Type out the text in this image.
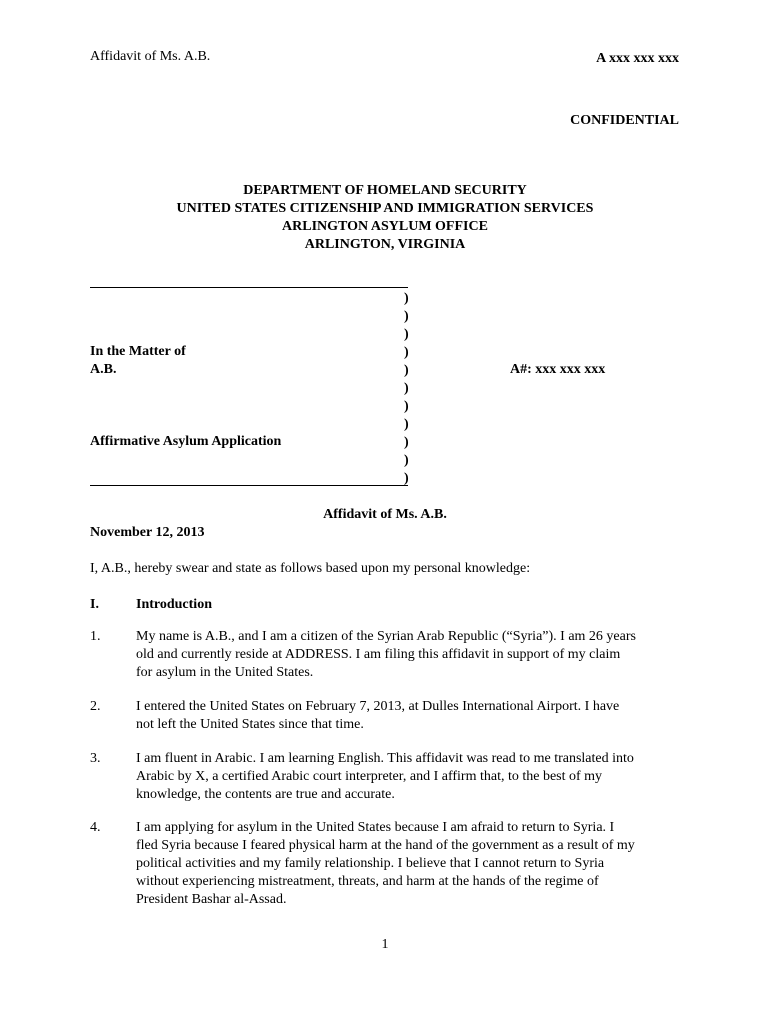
Affidavit of Ms. A.B.	A xxx xxx xxx
CONFIDENTIAL
DEPARTMENT OF HOMELAND SECURITY
UNITED STATES CITIZENSHIP AND IMMIGRATION SERVICES
ARLINGTON ASYLUM OFFICE
ARLINGTON, VIRGINIA
)
)
)
)
)
)
)
)
)
)
)
In the Matter of
A.B.
Affirmative Asylum Application
A#: xxx xxx xxx
Affidavit of Ms. A.B.
November 12, 2013
I, A.B., hereby swear and state as follows based upon my personal knowledge:
I.	Introduction
1.	My name is A.B., and I am a citizen of the Syrian Arab Republic (“Syria”). I am 26 years
old and currently reside at ADDRESS. I am filing this affidavit in support of my claim
for asylum in the United States.
2.	I entered the United States on February 7, 2013, at Dulles International Airport. I have
not left the United States since that time.
3.	I am fluent in Arabic. I am learning English. This affidavit was read to me translated into
Arabic by X, a certified Arabic court interpreter, and I affirm that, to the best of my
knowledge, the contents are true and accurate.
4.	I am applying for asylum in the United States because I am afraid to return to Syria. I
fled Syria because I feared physical harm at the hand of the government as a result of my
political activities and my family relationship. I believe that I cannot return to Syria
without experiencing mistreatment, threats, and harm at the hands of the regime of
President Bashar al-Assad.
1
